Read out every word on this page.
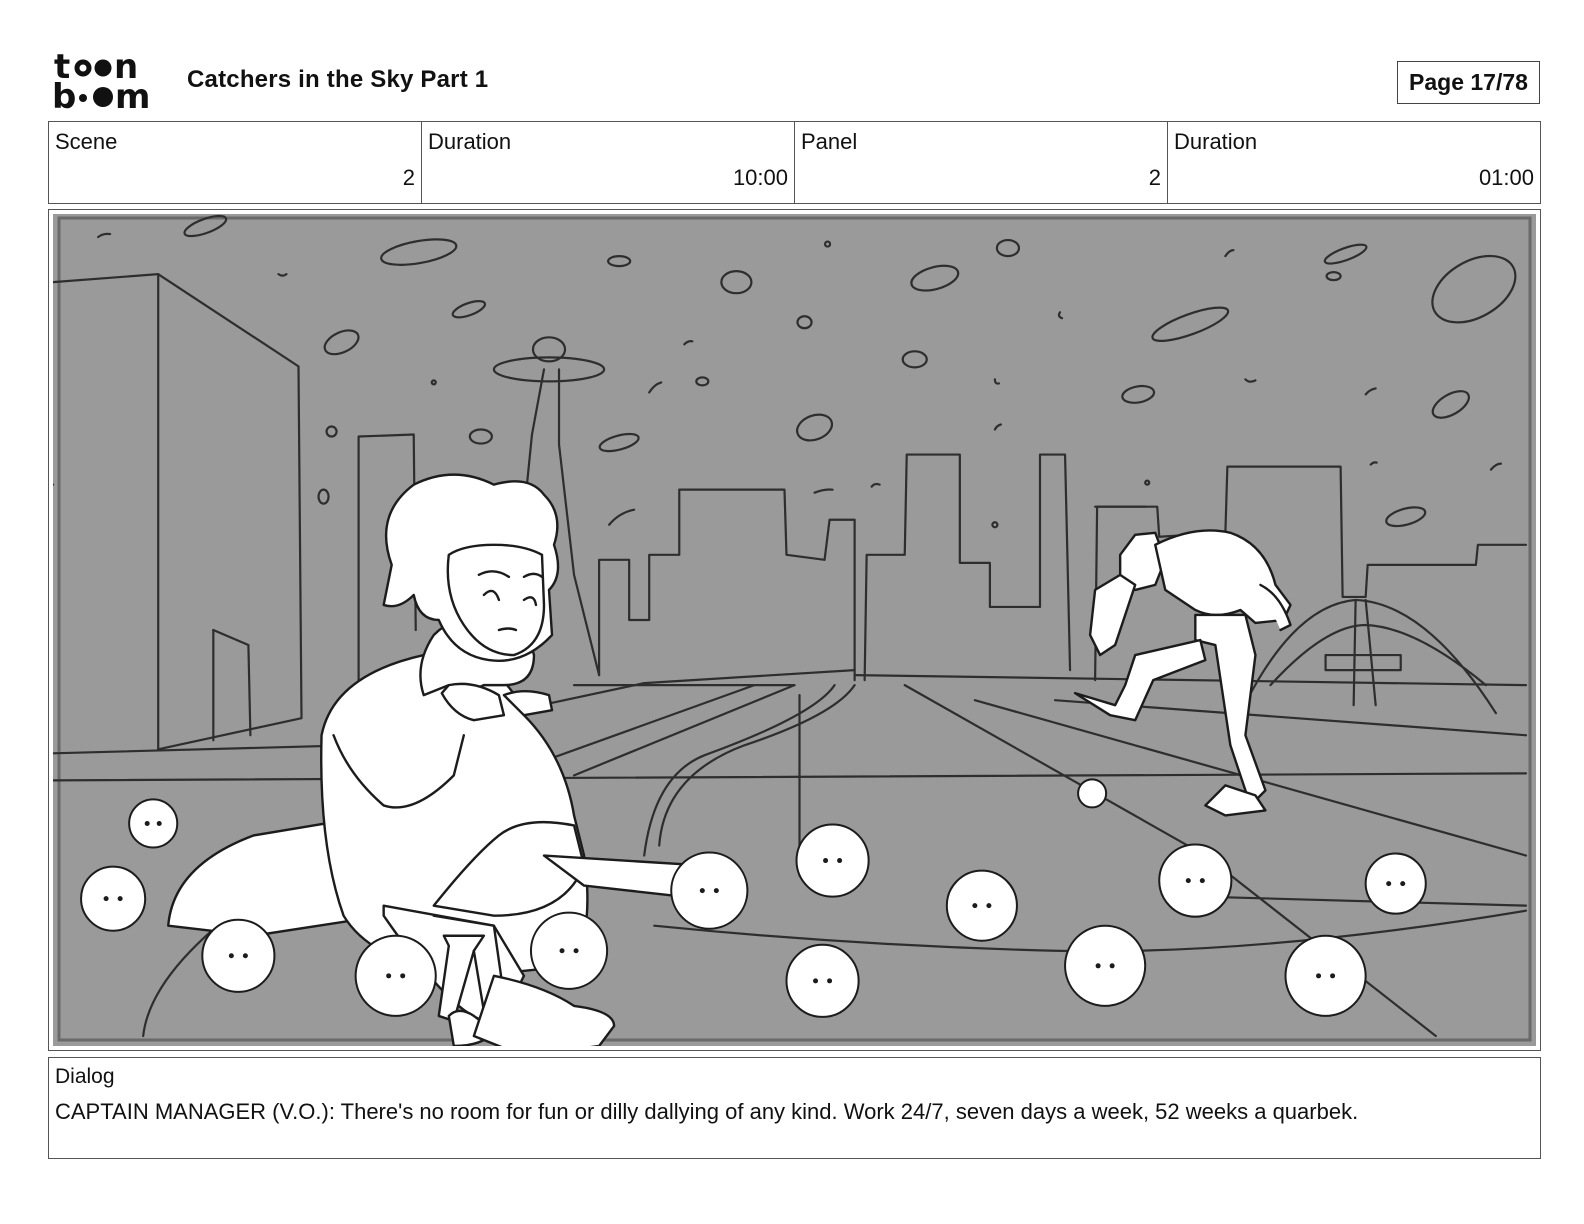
t n
b m Catchers in the Sky Part 1	Page 17/78
Scene
2
Duration
10:00
Panel
2
Duration
01:00
Dialog
CAPTAIN MANAGER (V.O.): There's no room for fun or dilly dallying of any kind. Work 24/7, seven days a week, 52 weeks a quarbek.
